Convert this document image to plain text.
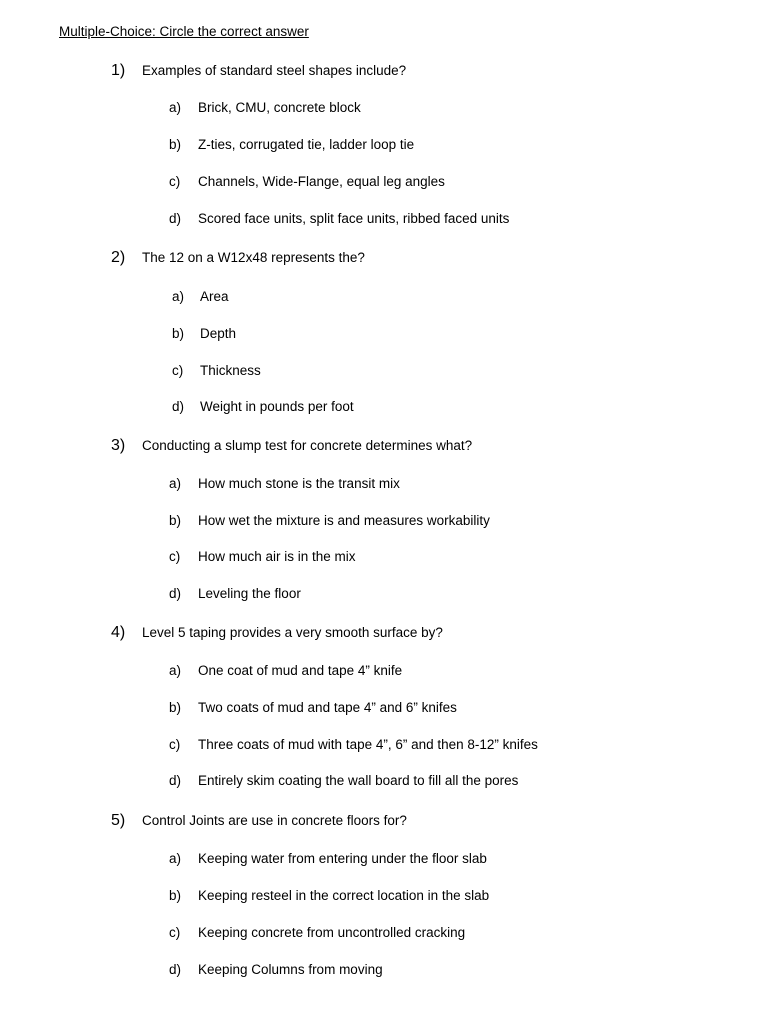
Multiple-Choice: Circle the correct answer
1) Examples of standard steel shapes include?
a) Brick, CMU, concrete block
b) Z-ties, corrugated tie, ladder loop tie
c) Channels, Wide-Flange, equal leg angles
d) Scored face units, split face units, ribbed faced units
2) The 12 on a W12x48 represents the?
a) Area
b) Depth
c) Thickness
d) Weight in pounds per foot
3) Conducting a slump test for concrete determines what?
a) How much stone is the transit mix
b) How wet the mixture is and measures workability
c) How much air is in the mix
d) Leveling the floor
4) Level 5 taping provides a very smooth surface by?
a) One coat of mud and tape 4” knife
b) Two coats of mud and tape 4” and 6” knifes
c) Three coats of mud with tape 4”, 6” and then 8-12” knifes
d) Entirely skim coating the wall board to fill all the pores
5) Control Joints are use in concrete floors for?
a) Keeping water from entering under the floor slab
b) Keeping resteel in the correct location in the slab
c) Keeping concrete from uncontrolled cracking
d) Keeping Columns from moving
